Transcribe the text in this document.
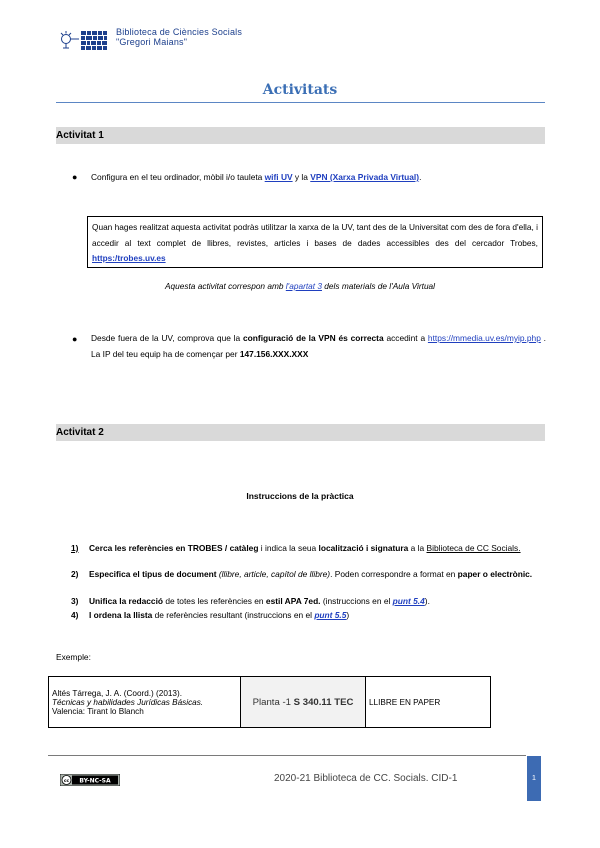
Biblioteca de Ciències Socials
"Gregori Maians"
Activitats
Activitat 1
● Configura en el teu ordinador, mòbil i/o tauleta wifi UV y la VPN (Xarxa Privada Virtual).
Quan hages realitzat aquesta activitat podràs utilitzar la xarxa de la UV, tant des de la Universitat com des de fora d'ella, i accedir al text complet de llibres, revistes, articles i bases de dades accessibles des del cercador Trobes, https:/trobes.uv.es
Aquesta activitat correspon amb l'apartat 3 dels materials de l'Aula Virtual
● Desde fuera de la UV, comprova que la configuració de la VPN és correcta accedint a https://mmedia.uv.es/myip.php . La IP del teu equip ha de començar per 147.156.XXX.XXX
Activitat 2
Instruccions de la pràctica
1) Cerca les referències en TROBES / catàleg i indica la seua localització i signatura a la Biblioteca de CC Socials.
2) Especifica el tipus de document (llibre, article, capítol de llibre). Poden correspondre a format en paper o electrònic.
3) Unifica la redacció de totes les referències en estil APA 7ed. (instruccions en el punt 5.4).
4) I ordena la llista de referències resultant (instruccions en el punt 5.5)
Exemple:
Altés Tárrega, J. A. (Coord.) (2013).
Técnicas y habilidades Jurídicas Básicas.
Valencia: Tirant lo Blanch
	Planta -1 S 340.11 TEC	LLIBRE EN PAPER
cc BY-NC-SA	2020-21 Biblioteca de CC. Socials. CID-1	1
